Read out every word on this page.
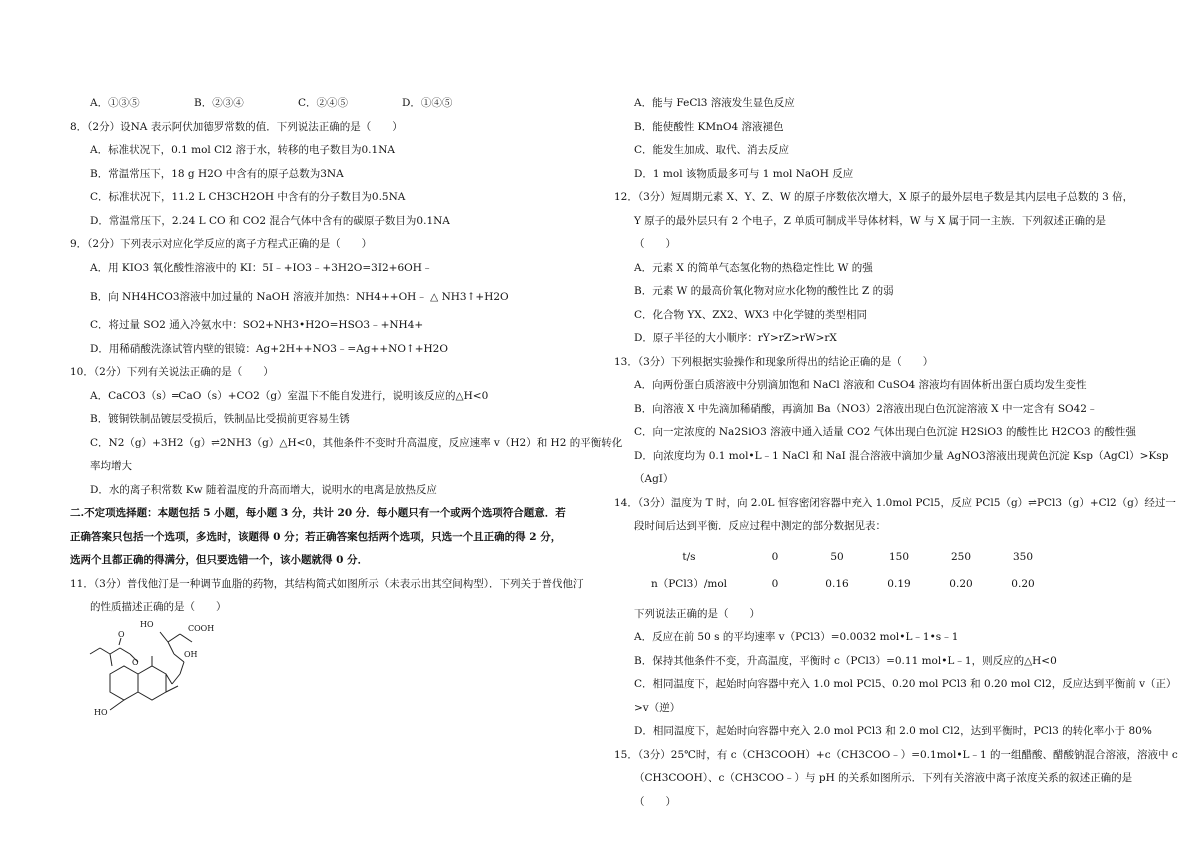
A．①③⑤	B．②③④	C．②④⑤	D．①④⑤
8．（2分）设NA 表示阿伏加德罗常数的值．下列说法正确的是（　　）
A．标准状况下，0.1 mol Cl2 溶于水，转移的电子数目为0.1NA
B．常温常压下，18 g H2O 中含有的原子总数为3NA
C．标准状况下，11.2 L CH3CH2OH 中含有的分子数目为0.5NA
D．常温常压下，2.24 L CO 和 CO2 混合气体中含有的碳原子数目为0.1NA
9．（2分）下列表示对应化学反应的离子方程式正确的是（　　）
A．用 KIO3 氧化酸性溶液中的 KI：5I﹣+IO3﹣+3H2O=3I2+6OH﹣
B．向 NH4HCO3溶液中加过量的 NaOH 溶液并加热：NH4++OH﹣ △ NH3↑+H2O
C．将过量 SO2 通入冷氨水中：SO2+NH3•H2O=HSO3﹣+NH4+
D．用稀硝酸洗涤试管内壁的银镜：Ag+2H++NO3﹣=Ag++NO↑+H2O
10．（2分）下列有关说法正确的是（　　）
A．CaCO3（s）═CaO（s）+CO2（g）室温下不能自发进行，说明该反应的△H<0
B．镀铜铁制品镀层受损后，铁制品比受损前更容易生锈
C．N2（g）+3H2（g）⇌2NH3（g）△H<0，其他条件不变时升高温度，反应速率 v（H2）和 H2 的平衡转化
率均增大
D．水的离子积常数 Kw 随着温度的升高而增大，说明水的电离是放热反应
二.不定项选择题：本题包括 5 小题，每小题 3 分，共计 20 分．每小题只有一个或两个选项符合题意．若正确答案只包括一个选项，多选时，该题得 0 分；若正确答案包括两个选项，只选一个且正确的得 2 分，选两个且都正确的得满分，但只要选错一个，该小题就得 0 分．
11．（3分）普伐他汀是一种调节血脂的药物，其结构简式如图所示（未表示出其空间构型）．下列关于普伐他汀
的性质描述正确的是（　　）
HO	COOH
OH
O
O
HO
A．能与 FeCl3 溶液发生显色反应
B．能使酸性 KMnO4 溶液褪色
C．能发生加成、取代、消去反应
D．1 mol 该物质最多可与 1 mol NaOH 反应
12．（3分）短周期元素 X、Y、Z、W 的原子序数依次增大，X 原子的最外层电子数是其内层电子总数的 3 倍，
Y 原子的最外层只有 2 个电子，Z 单质可制成半导体材料，W 与 X 属于同一主族．下列叙述正确的是（　　）
A．元素 X 的简单气态氢化物的热稳定性比 W 的强
B．元素 W 的最高价氧化物对应水化物的酸性比 Z 的弱
C．化合物 YX、ZX2、WX3 中化学键的类型相同
D．原子半径的大小顺序：rY>rZ>rW>rX
13．（3分）下列根据实验操作和现象所得出的结论正确的是（　　）
A．向两份蛋白质溶液中分别滴加饱和 NaCl 溶液和 CuSO4 溶液均有固体析出蛋白质均发生变性
B．向溶液 X 中先滴加稀硝酸，再滴加 Ba（NO3）2溶液出现白色沉淀溶液 X 中一定含有 SO42﹣
C．向一定浓度的 Na2SiO3 溶液中通入适量 CO2 气体出现白色沉淀 H2SiO3 的酸性比 H2CO3 的酸性强
D．向浓度均为 0.1 mol•L﹣1 NaCl 和 NaI 混合溶液中滴加少量 AgNO3溶液出现黄色沉淀 Ksp（AgCl）>Ksp
（AgI）
14．（3分）温度为 T 时，向 2.0L 恒容密闭容器中充入 1.0mol PCl5，反应 PCl5（g）⇌PCl3（g）+Cl2（g）经过一
段时间后达到平衡．反应过程中测定的部分数据见表：
t/s	0	50	150	250	350
n（PCl3）/mol	0	0.16	0.19	0.20	0.20
下列说法正确的是（　　）
A．反应在前 50 s 的平均速率 v（PCl3）=0.0032 mol•L﹣1•s﹣1
B．保持其他条件不变，升高温度，平衡时 c（PCl3）=0.11 mol•L﹣1，则反应的△H<0
C．相同温度下，起始时向容器中充入 1.0 mol PCl5、0.20 mol PCl3 和 0.20 mol Cl2，反应达到平衡前 v（正）
>v（逆）
D．相同温度下，起始时向容器中充入 2.0 mol PCl3 和 2.0 mol Cl2，达到平衡时，PCl3 的转化率小于 80%
15．（3分）25℃时，有 c（CH3COOH）+c（CH3COO﹣）=0.1mol•L﹣1 的一组醋酸、醋酸钠混合溶液，溶液中 c
（CH3COOH）、c（CH3COO﹣）与 pH 的关系如图所示．下列有关溶液中离子浓度关系的叙述正确的是（　　）
